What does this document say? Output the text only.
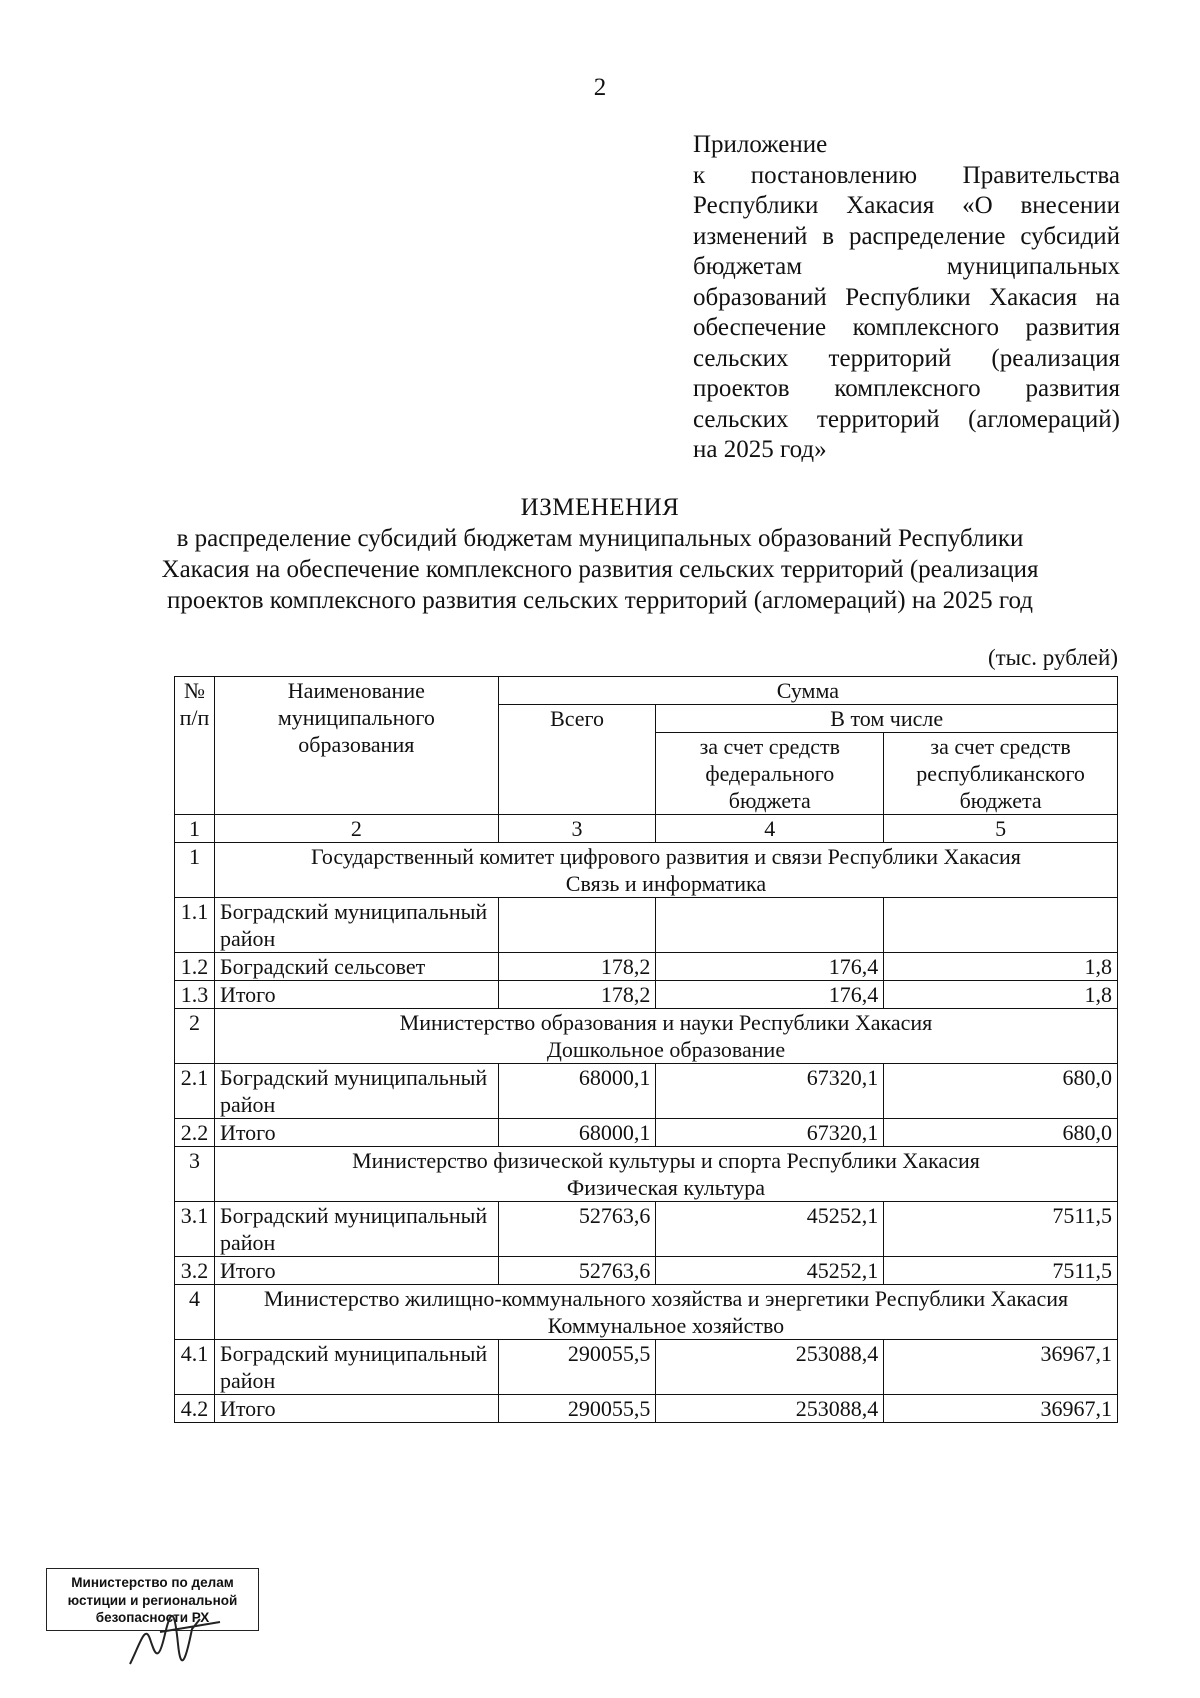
2
Приложение
к постановлению Правительства
Республики Хакасия «О внесении
изменений в распределение субсидий
бюджетам муниципальных
образований Республики Хакасия на
обеспечение комплексного развития
сельских территорий (реализация
проектов комплексного развития
сельских территорий (агломераций)
на 2025 год»
ИЗМЕНЕНИЯ
в распределение субсидий бюджетам муниципальных образований Республики
Хакасия на обеспечение комплексного развития сельских территорий (реализация
проектов комплексного развития сельских территорий (агломераций) на 2025 год
(тыс. рублей)
№ п/п	Наименование муниципального образования	Сумма		
		Всего	В том числе	
			за счет средств федерального бюджета	за счет средств республиканского бюджета
1	2	3	4	5
1	Государственный комитет цифрового развития и связи Республики Хакасия
Связь и информатика			
1.1	Боградский муниципальный район			
1.2	Боградский сельсовет	178,2	176,4	1,8
1.3	Итого	178,2	176,4	1,8
2	Министерство образования и науки Республики Хакасия
Дошкольное образование			
2.1	Боградский муниципальный район	68000,1	67320,1	680,0
2.2	Итого	68000,1	67320,1	680,0
3	Министерство физической культуры и спорта Республики Хакасия
Физическая культура			
3.1	Боградский муниципальный район	52763,6	45252,1	7511,5
3.2	Итого	52763,6	45252,1	7511,5
4	Министерство жилищно-коммунального хозяйства и энергетики Республики Хакасия
Коммунальное хозяйство			
4.1	Боградский муниципальный район	290055,5	253088,4	36967,1
4.2	Итого	290055,5	253088,4	36967,1
Министерство по делам
юстиции и региональной
безопасности РХ
